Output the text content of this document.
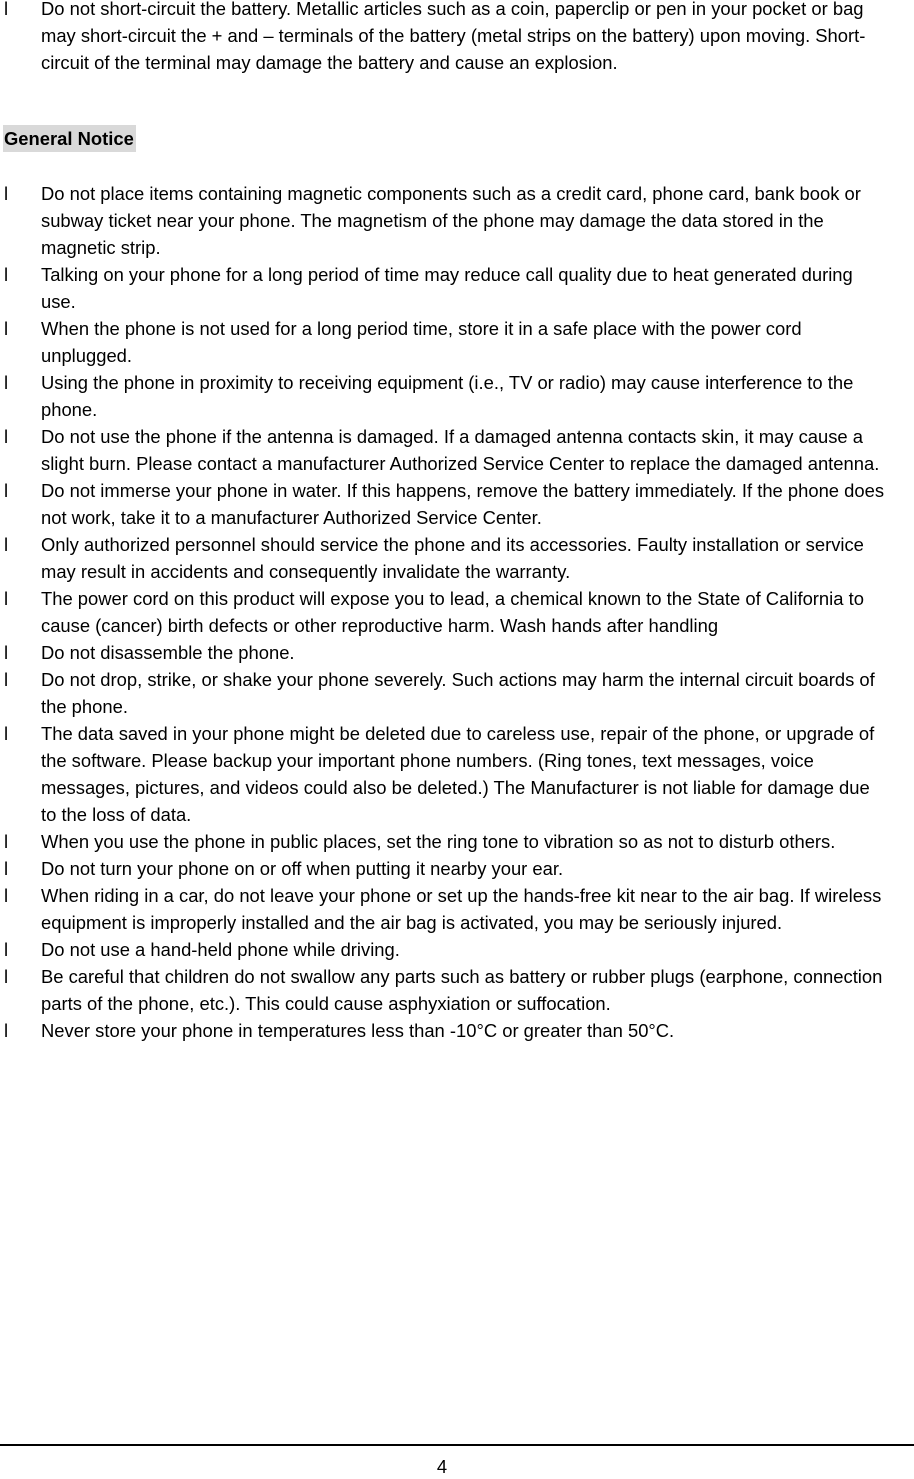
l	Do not short-circuit the battery. Metallic articles such as a coin, paperclip or pen in your pocket or bag may short-circuit the + and – terminals of the battery (metal strips on the battery) upon moving. Short-circuit of the terminal may damage the battery and cause an explosion.
General Notice
l	Do not place items containing magnetic components such as a credit card, phone card, bank book or subway ticket near your phone. The magnetism of the phone may damage the data stored in the magnetic strip.
l	Talking on your phone for a long period of time may reduce call quality due to heat generated during use.
l	When the phone is not used for a long period time, store it in a safe place with the power cord unplugged.
l	Using the phone in proximity to receiving equipment (i.e., TV or radio) may cause interference to the phone.
l	Do not use the phone if the antenna is damaged. If a damaged antenna contacts skin, it may cause a slight burn. Please contact a manufacturer Authorized Service Center to replace the damaged antenna.
l	Do not immerse your phone in water. If this happens, remove the battery immediately. If the phone does not work, take it to a manufacturer Authorized Service Center.
l	Only authorized personnel should service the phone and its accessories. Faulty installation or service may result in accidents and consequently invalidate the warranty.
l	The power cord on this product will expose you to lead, a chemical known to the State of California to cause (cancer) birth defects or other reproductive harm. Wash hands after handling
l	Do not disassemble the phone.
l	Do not drop, strike, or shake your phone severely. Such actions may harm the internal circuit boards of the phone.
l	The data saved in your phone might be deleted due to careless use, repair of the phone, or upgrade of the software. Please backup your important phone numbers. (Ring tones, text messages, voice messages, pictures, and videos could also be deleted.) The Manufacturer is not liable for damage due to the loss of data.
l	When you use the phone in public places, set the ring tone to vibration so as not to disturb others.
l	Do not turn your phone on or off when putting it nearby your ear.
l	When riding in a car, do not leave your phone or set up the hands-free kit near to the air bag. If wireless equipment is improperly installed and the air bag is activated, you may be seriously injured.
l	Do not use a hand-held phone while driving.
l	Be careful that children do not swallow any parts such as battery or rubber plugs (earphone, connection parts of the phone, etc.). This could cause asphyxiation or suffocation.
l	Never store your phone in temperatures less than -10°C or greater than 50°C.
4
